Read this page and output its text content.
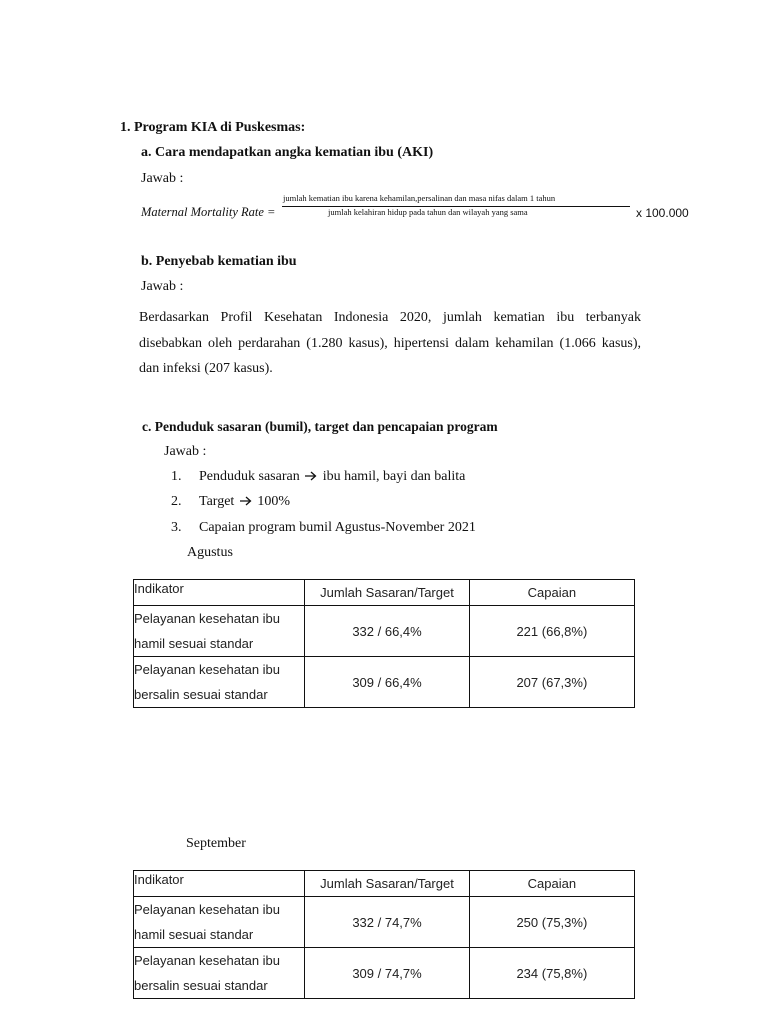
1. Program KIA di Puskesmas:
a. Cara mendapatkan angka kematian ibu (AKI)
Jawab :
Maternal Mortality Rate =
jumlah kematian ibu karena kehamilan,persalinan dan masa nifas dalam 1 tahun
jumlah kelahiran hidup pada tahun dan wilayah yang sama	x 100.000
b. Penyebab kematian ibu
Jawab :
Berdasarkan Profil Kesehatan Indonesia 2020, jumlah kematian ibu terbanyak disebabkan oleh perdarahan (1.280 kasus), hipertensi dalam kehamilan (1.066 kasus), dan infeksi (207 kasus).
c. Penduduk sasaran (bumil), target dan pencapaian program
Jawab :
1. Penduduk sasaran ibu hamil, bayi dan balita
2. Target 100%
3. Capaian program bumil Agustus-November 2021
Agustus
Indikator	Jumlah Sasaran/Target	Capaian

Pelayanan kesehatan ibu
hamil sesuai standar	332 / 66,4%	221 (66,8%)

Pelayanan kesehatan ibu
bersalin sesuai standar	309 / 66,4%	207 (67,3%)
September
Indikator	Jumlah Sasaran/Target	Capaian

Pelayanan kesehatan ibu
hamil sesuai standar	332 / 74,7%	250 (75,3%)

Pelayanan kesehatan ibu
bersalin sesuai standar	309 / 74,7%	234 (75,8%)
